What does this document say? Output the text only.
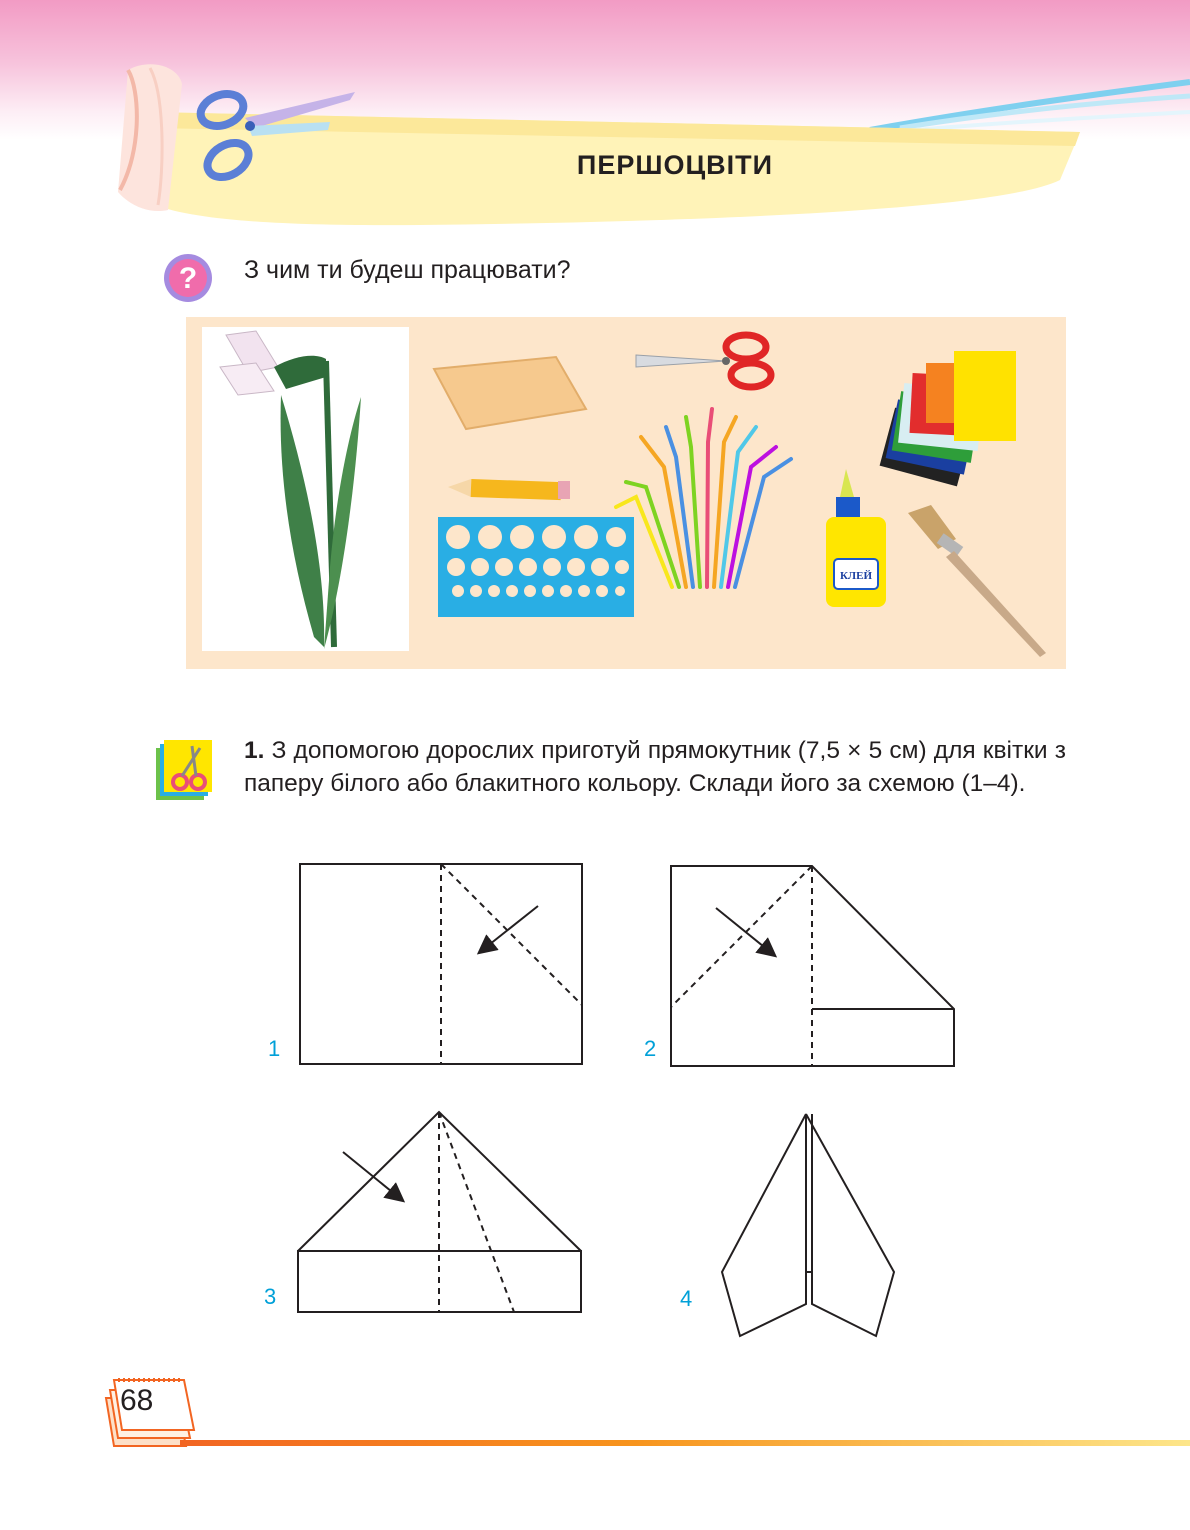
ПЕРШОЦВІТИ
? З чим ти будеш працювати?
КЛЕЙ
1. З допомогою дорослих приготуй прямокутник (7,5 × 5 см) для квітки з паперу білого або блакитного кольору. Склади його за схемою (1–4).
1	2
3	4
68
